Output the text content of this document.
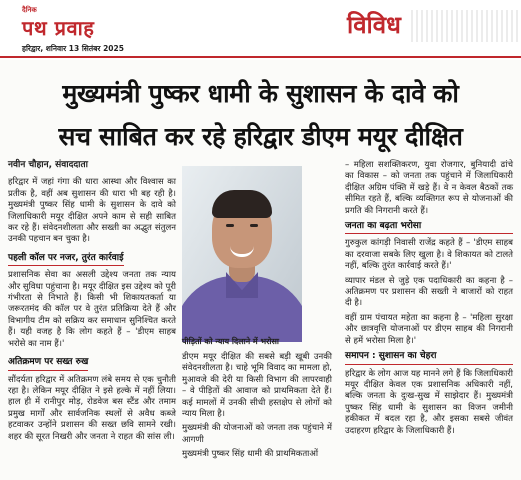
दैनिक
पथ प्रवाह
हरिद्वार, शनिवार 13 सितंबर 2025
विविध
मुख्यमंत्री पुष्कर धामी के सुशासन के दावे को
सच साबित कर रहे हरिद्वार डीएम मयूर दीक्षित

नवीन चौहान, संवाददाता

हरिद्वार में जहां गंगा की धारा आस्था और विश्वास का प्रतीक है, वहीं अब सुशासन की धारा भी बह रही है। मुख्यमंत्री पुष्कर सिंह धामी के सुशासन के दावे को जिलाधिकारी मयूर दीक्षित अपने काम से सही साबित कर रहे हैं। संवेदनशीलता और सख्ती का अद्भुत संतुलन उनकी पहचान बन चुका है।

पहली कॉल पर नजर, तुरंत कार्रवाई

प्रशासनिक सेवा का असली उद्देश्य जनता तक न्याय और सुविधा पहुंचाना है। मयूर दीक्षित इस उद्देश्य को पूरी गंभीरता से निभाते हैं। किसी भी शिकायतकर्ता या जरूरतमंद की कॉल पर वे तुरंत प्रतिक्रिया देते हैं और विभागीय टीम को सक्रिय कर समाधान सुनिश्चित करते हैं। यही वजह है कि लोग कहते हैं – 'डीएम साहब भरोसे का नाम हैं।'

अतिक्रमण पर सख्त रुख

सौंदर्यता हरिद्वार में अतिक्रमण लंबे समय से एक चुनौती रहा है। लेकिन मयूर दीक्षित ने इसे हल्के में नहीं लिया। हाल ही में रानीपुर मोड़, रोडवेज बस स्टैंड और तमाम प्रमुख मार्गों और सार्वजनिक स्थलों से अवैध कब्जे हटवाकर उन्होंने प्रशासन की सख्त छवि सामने रखी। शहर की सूरत निखरी और जनता ने राहत की सांस ली।

पीड़ितों को न्याय दिलाने में भरोसा

डीएम मयूर दीक्षित की सबसे बड़ी खूबी उनकी संवेदनशीलता है। चाहे भूमि विवाद का मामला हो, मुआवजे की देरी या किसी विभाग की लापरवाही – वे पीड़ितों की आवाज को प्राथमिकता देते हैं। कई मामलों में उनकी सीधी हस्तक्षेप से लोगों को न्याय मिला है।

मुख्यमंत्री की योजनाओं को जनता तक पहुंचाने में आगणी

मुख्यमंत्री पुष्कर सिंह धामी की प्राथमिकताओं

– महिला सशक्तिकरण, युवा रोजगार, बुनियादी ढांचे का विकास – को जनता तक पहुंचाने में जिलाधिकारी दीक्षित अग्रिम पंक्ति में खड़े हैं। वे न केवल बैठकों तक सीमित रहते हैं, बल्कि व्यक्तिगत रूप से योजनाओं की प्रगति की निगरानी करते हैं।

जनता का बढ़ता भरोसा

गुरुकुल कांगड़ी निवासी राजेंद्र कहते हैं – 'डीएम साहब का दरवाजा सबके लिए खुला है। वे शिकायत को टालते नहीं, बल्कि तुरंत कार्रवाई करते हैं।'

व्यापार मंडल से जुड़े एक पदाधिकारी का कहना है – अतिक्रमण पर प्रशासन की सख्ती ने बाजारों को राहत दी है।

वहीं ग्राम पंचायत महेता का कहना है – 'महिला सुरक्षा और छात्रवृत्ति योजनाओं पर डीएम साहब की निगरानी से हमें भरोसा मिला है।'

समापन : सुशासन का चेहरा

हरिद्वार के लोग आज यह मानने लगे हैं कि जिलाधिकारी मयूर दीक्षित केवल एक प्रशासनिक अधिकारी नहीं, बल्कि जनता के दुःख-सुख में साझेदार हैं। मुख्यमंत्री पुष्कर सिंह धामी के सुशासन का विजन जमीनी हकीकत में बदल रहा है, और इसका सबसे जीवंत उदाहरण हरिद्वार के जिलाधिकारी हैं।
